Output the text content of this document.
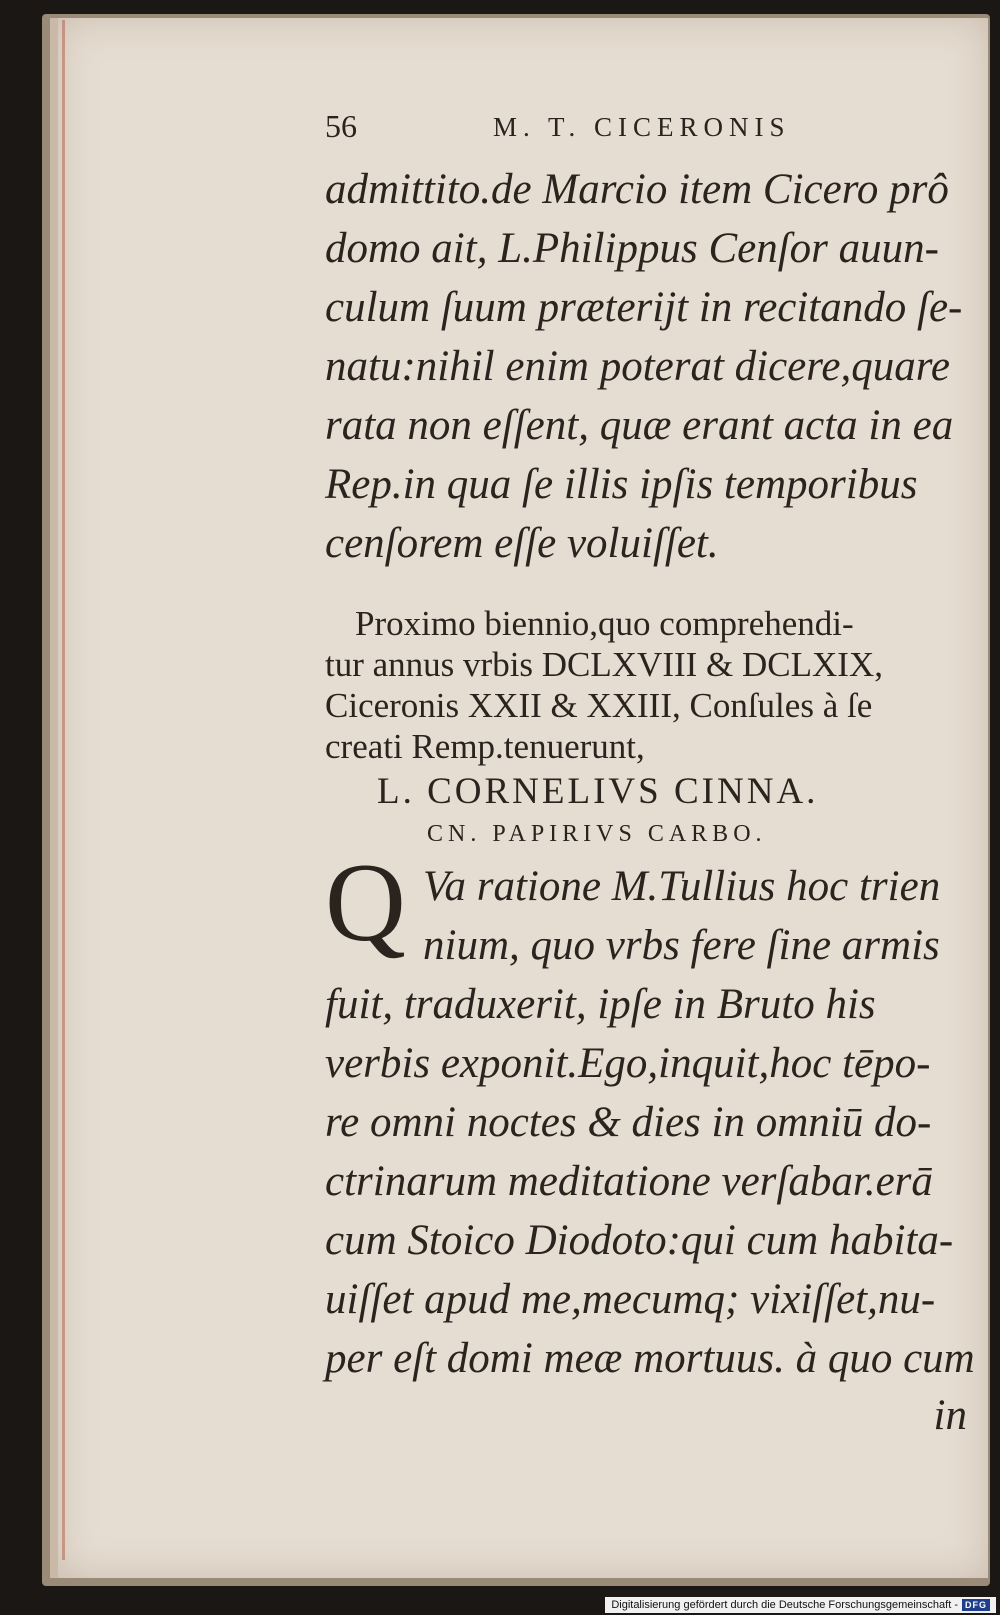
56	M. T. CICERONIS
admittito.de Marcio item Cicero prô
domo ait, L.Philippus Cenſor auun-
culum ſuum præterijt in recitando ſe-
natu:nihil enim poterat dicere,quare
rata non eſſent, quæ erant acta in ea
Rep.in qua ſe illis ipſis temporibus
cenſorem eſſe voluiſſet.
Proximo biennio,quo comprehendi-
tur annus vrbis DCLXVIII & DCLXIX,
Ciceronis XXII & XXIII, Conſules à ſe
creati Remp.tenuerunt,
L. CORNELIVS CINNA.
CN. PAPIRIVS CARBO.
Q Va ratione M.Tullius hoc trien
nium, quo vrbs fere ſine armis
fuit, traduxerit, ipſe in Bruto his
verbis exponit.Ego,inquit,hoc tēpo-
re omni noctes & dies in omniū do-
ctrinarum meditatione verſabar.erā
cum Stoico Diodoto:qui cum habita-
uiſſet apud me,mecumq; vixiſſet,nu-
per eſt domi meæ mortuus. à quo cum
in
Digitalisierung gefördert durch die Deutsche Forschungsgemeinschaft - DFG
